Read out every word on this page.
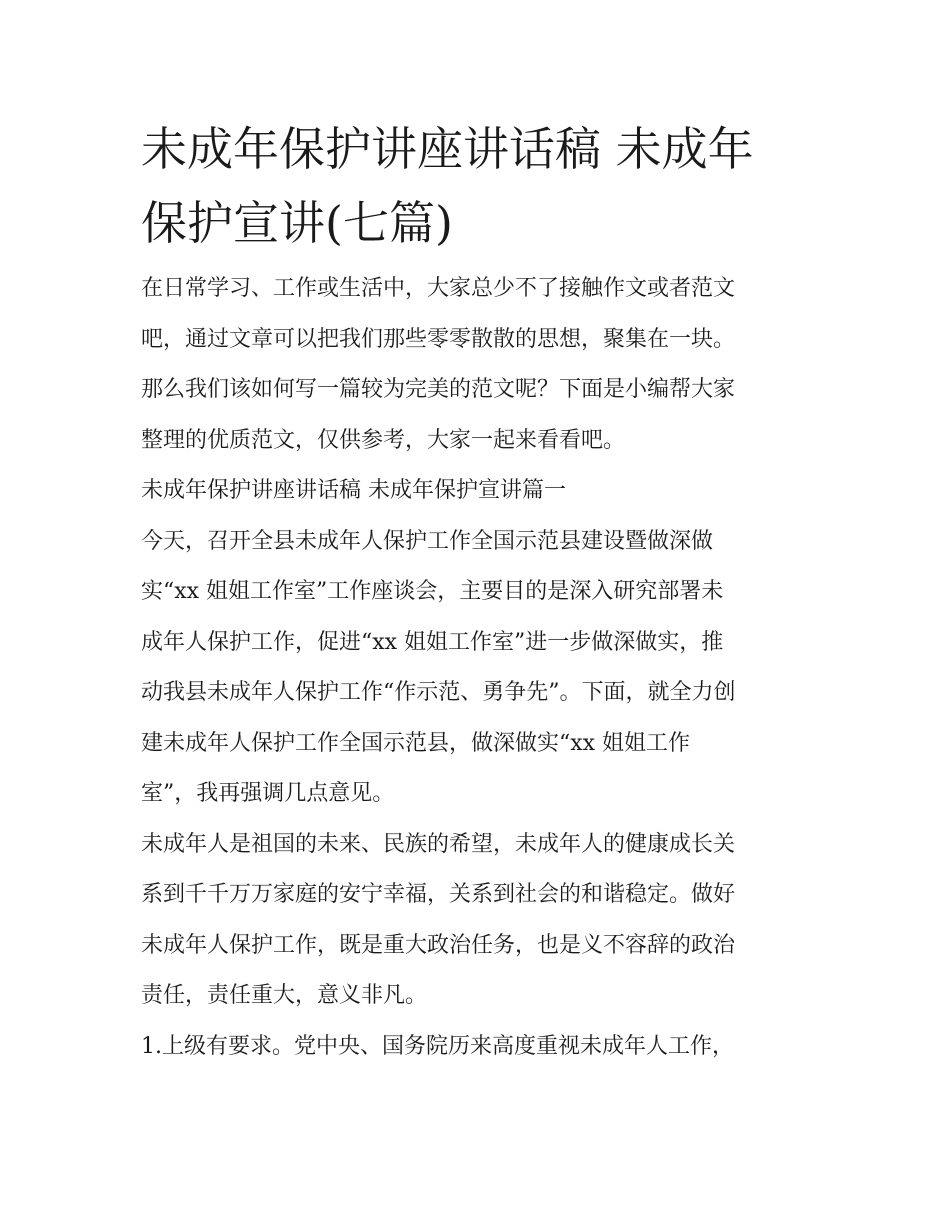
未成年保护讲座讲话稿 未成年
保护宣讲(七篇)
在日常学习、工作或生活中，大家总少不了接触作文或者范文
吧，通过文章可以把我们那些零零散散的思想，聚集在一块。
那么我们该如何写一篇较为完美的范文呢？下面是小编帮大家
整理的优质范文，仅供参考，大家一起来看看吧。
未成年保护讲座讲话稿 未成年保护宣讲篇一
今天，召开全县未成年人保护工作全国示范县建设暨做深做
实“xx 姐姐工作室”工作座谈会，主要目的是深入研究部署未
成年人保护工作，促进“xx 姐姐工作室”进一步做深做实，推
动我县未成年人保护工作“作示范、勇争先”。下面，就全力创
建未成年人保护工作全国示范县，做深做实“xx 姐姐工作
室”，我再强调几点意见。
未成年人是祖国的未来、民族的希望，未成年人的健康成长关
系到千千万万家庭的安宁幸福，关系到社会的和谐稳定。做好
未成年人保护工作，既是重大政治任务，也是义不容辞的政治
责任，责任重大，意义非凡。
1.上级有要求。党中央、国务院历来高度重视未成年人工作，
